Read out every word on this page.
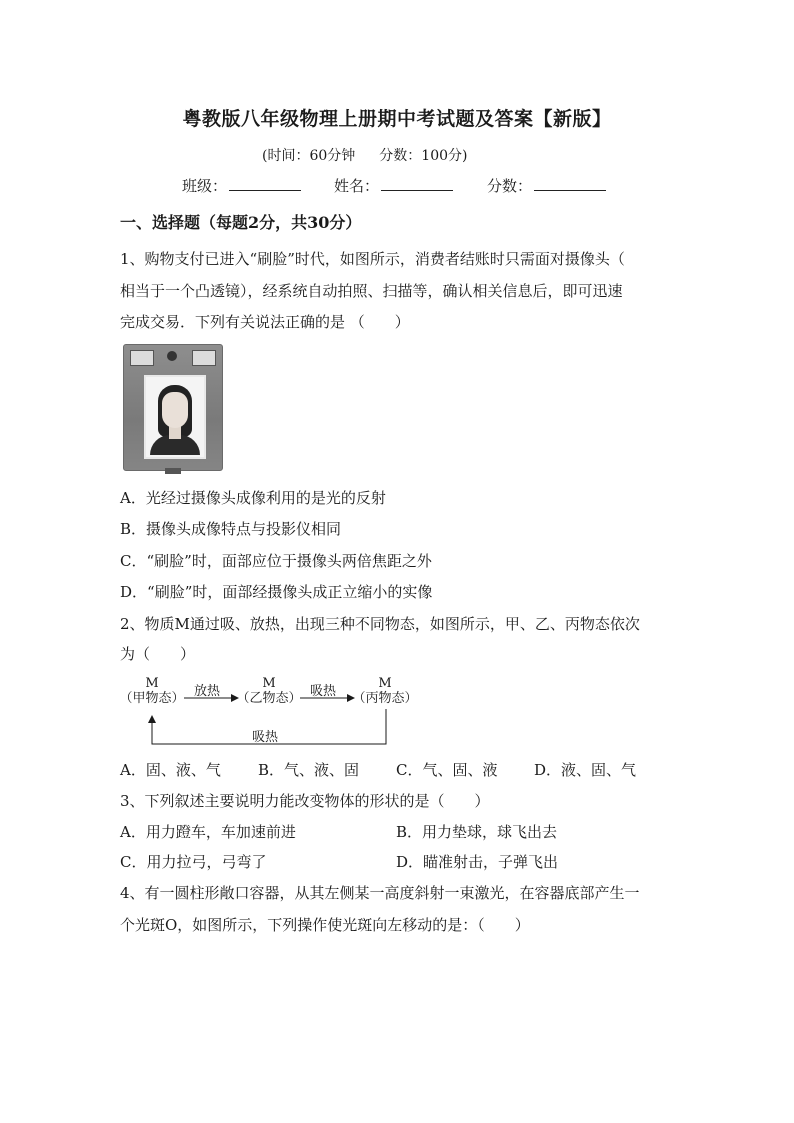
粤教版八年级物理上册期中考试题及答案【新版】
(时间：60分钟 分数：100分)
班级：	姓名：	分数：
一、选择题（每题2分，共30分）
1、购物支付已进入“刷脸”时代，如图所示，消费者结账时只需面对摄像头（
相当于一个凸透镜），经系统自动拍照、扫描等，确认相关信息后，即可迅速
完成交易．下列有关说法正确的是 （　　）
A．光经过摄像头成像利用的是光的反射
B．摄像头成像特点与投影仪相同
C．“刷脸”时，面部应位于摄像头两倍焦距之外
D．“刷脸”时，面部经摄像头成正立缩小的实像
2、物质M通过吸、放热，出现三种不同物态，如图所示，甲、乙、丙物态依次
为（　　）
M
（甲物态）
M
（乙物态）
M
（丙物态）
放热	吸热
吸热
A．固、液、气 B．气、液、固 C．气、固、液 D．液、固、气
3、下列叙述主要说明力能改变物体的形状的是（　　）
A．用力蹬车，车加速前进	B．用力垫球，球飞出去
C．用力拉弓，弓弯了	D．瞄准射击，子弹飞出
4、有一圆柱形敞口容器，从其左侧某一高度斜射一束激光，在容器底部产生一
个光斑O，如图所示，下列操作使光斑向左移动的是：（　　）
